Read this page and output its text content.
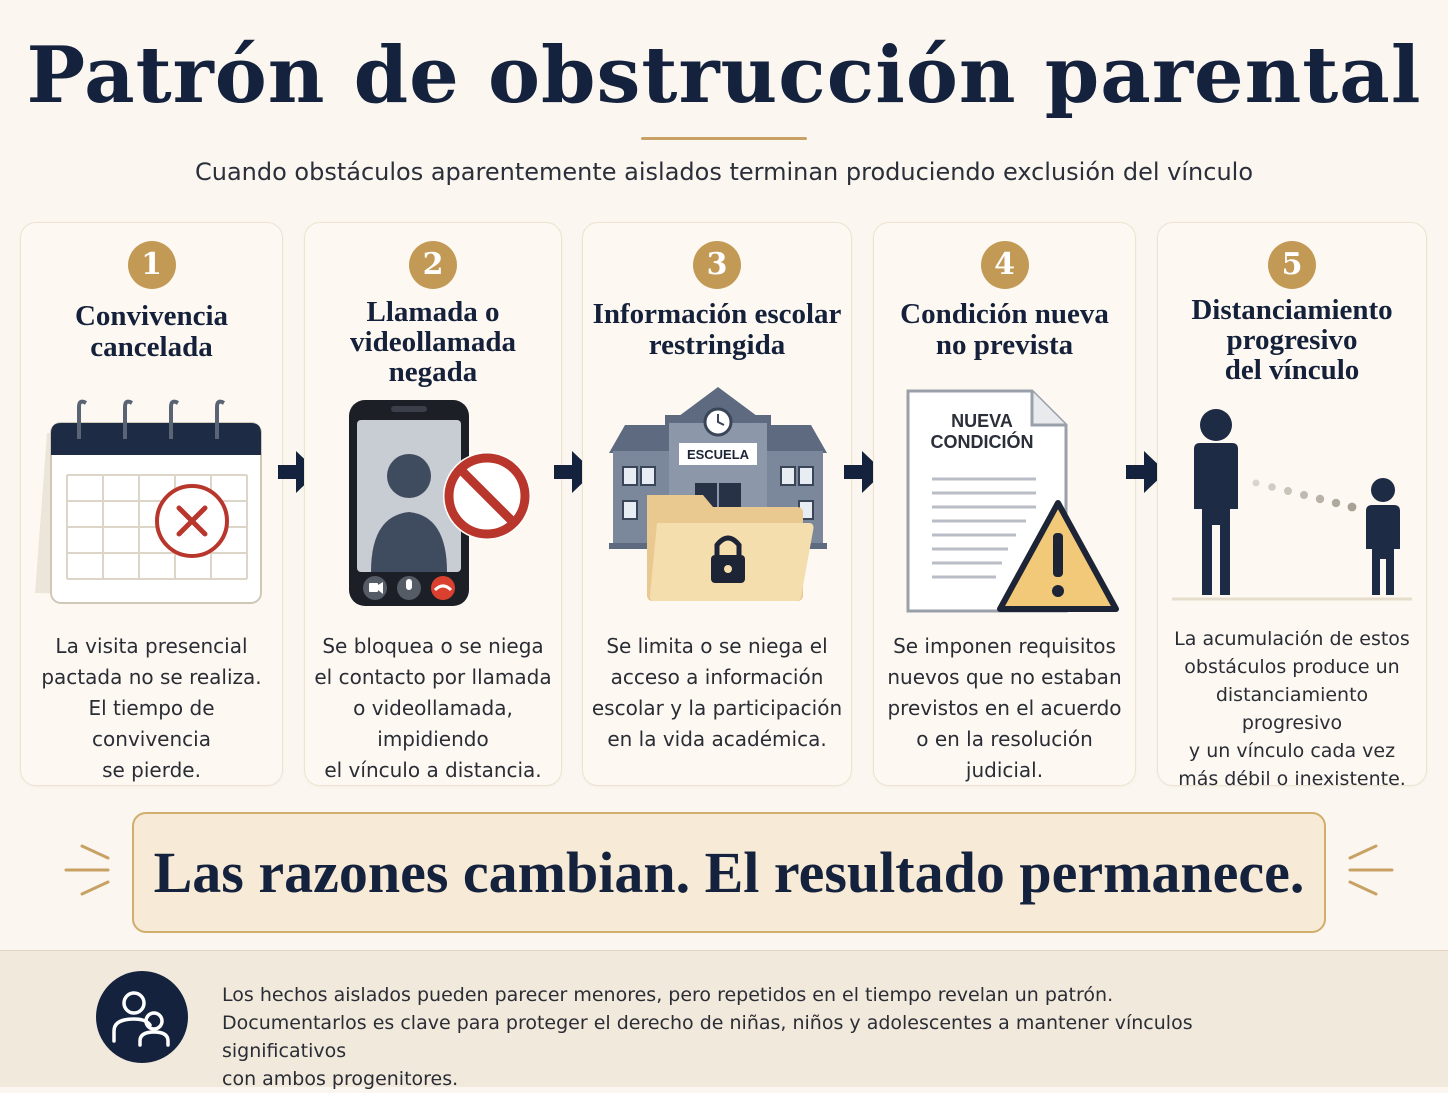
Patrón de obstrucción parental
Cuando obstáculos aparentemente aislados terminan produciendo exclusión del vínculo
1
Convivencia
cancelada
La visita presencial
pactada no se realiza.
El tiempo de convivencia
se pierde.
2
Llamada o
videollamada
negada
Se bloquea o se niega
el contacto por llamada
o videollamada, impidiendo
el vínculo a distancia.
3
Información escolar
restringida
ESCUELA
Se limita o se niega el
acceso a información
escolar y la participación
en la vida académica.
4
Condición nueva
no prevista
NUEVA
CONDICIÓN
Se imponen requisitos
nuevos que no estaban
previstos en el acuerdo
o en la resolución judicial.
5
Distanciamiento
progresivo
del vínculo
La acumulación de estos
obstáculos produce un
distanciamiento progresivo
y un vínculo cada vez
más débil o inexistente.
Las razones cambian. El resultado permanece.
Los hechos aislados pueden parecer menores, pero repetidos en el tiempo revelan un patrón.
Documentarlos es clave para proteger el derecho de niñas, niños y adolescentes a mantener vínculos significativos
con ambos progenitores.
